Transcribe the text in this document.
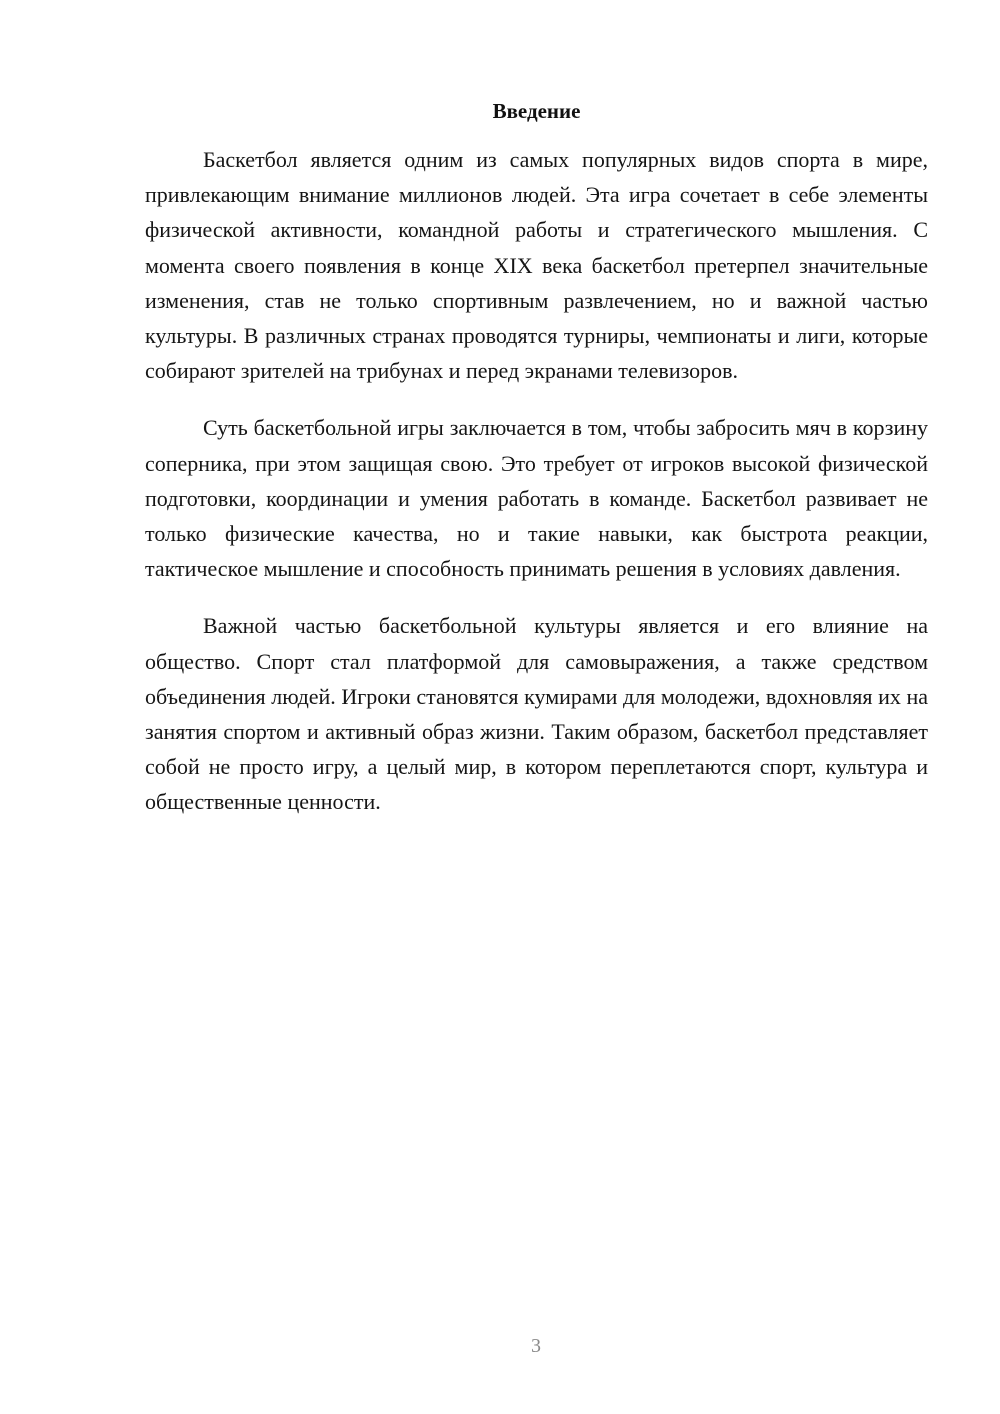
Введение

Баскетбол является одним из самых популярных видов спорта в мире, привлекающим внимание миллионов людей. Эта игра сочетает в себе элементы физической активности, командной работы и стратегического мышления. С момента своего появления в конце XIX века баскетбол претерпел значительные изменения, став не только спортивным развлечением, но и важной частью культуры. В различных странах проводятся турниры, чемпионаты и лиги, которые собирают зрителей на трибунах и перед экранами телевизоров.

Суть баскетбольной игры заключается в том, чтобы забросить мяч в корзину соперника, при этом защищая свою. Это требует от игроков высокой физической подготовки, координации и умения работать в команде. Баскетбол развивает не только физические качества, но и такие навыки, как быстрота реакции, тактическое мышление и способность принимать решения в условиях давления.

Важной частью баскетбольной культуры является и его влияние на общество. Спорт стал платформой для самовыражения, а также средством объединения людей. Игроки становятся кумирами для молодежи, вдохновляя их на занятия спортом и активный образ жизни. Таким образом, баскетбол представляет собой не просто игру, а целый мир, в котором переплетаются спорт, культура и общественные ценности.

3
